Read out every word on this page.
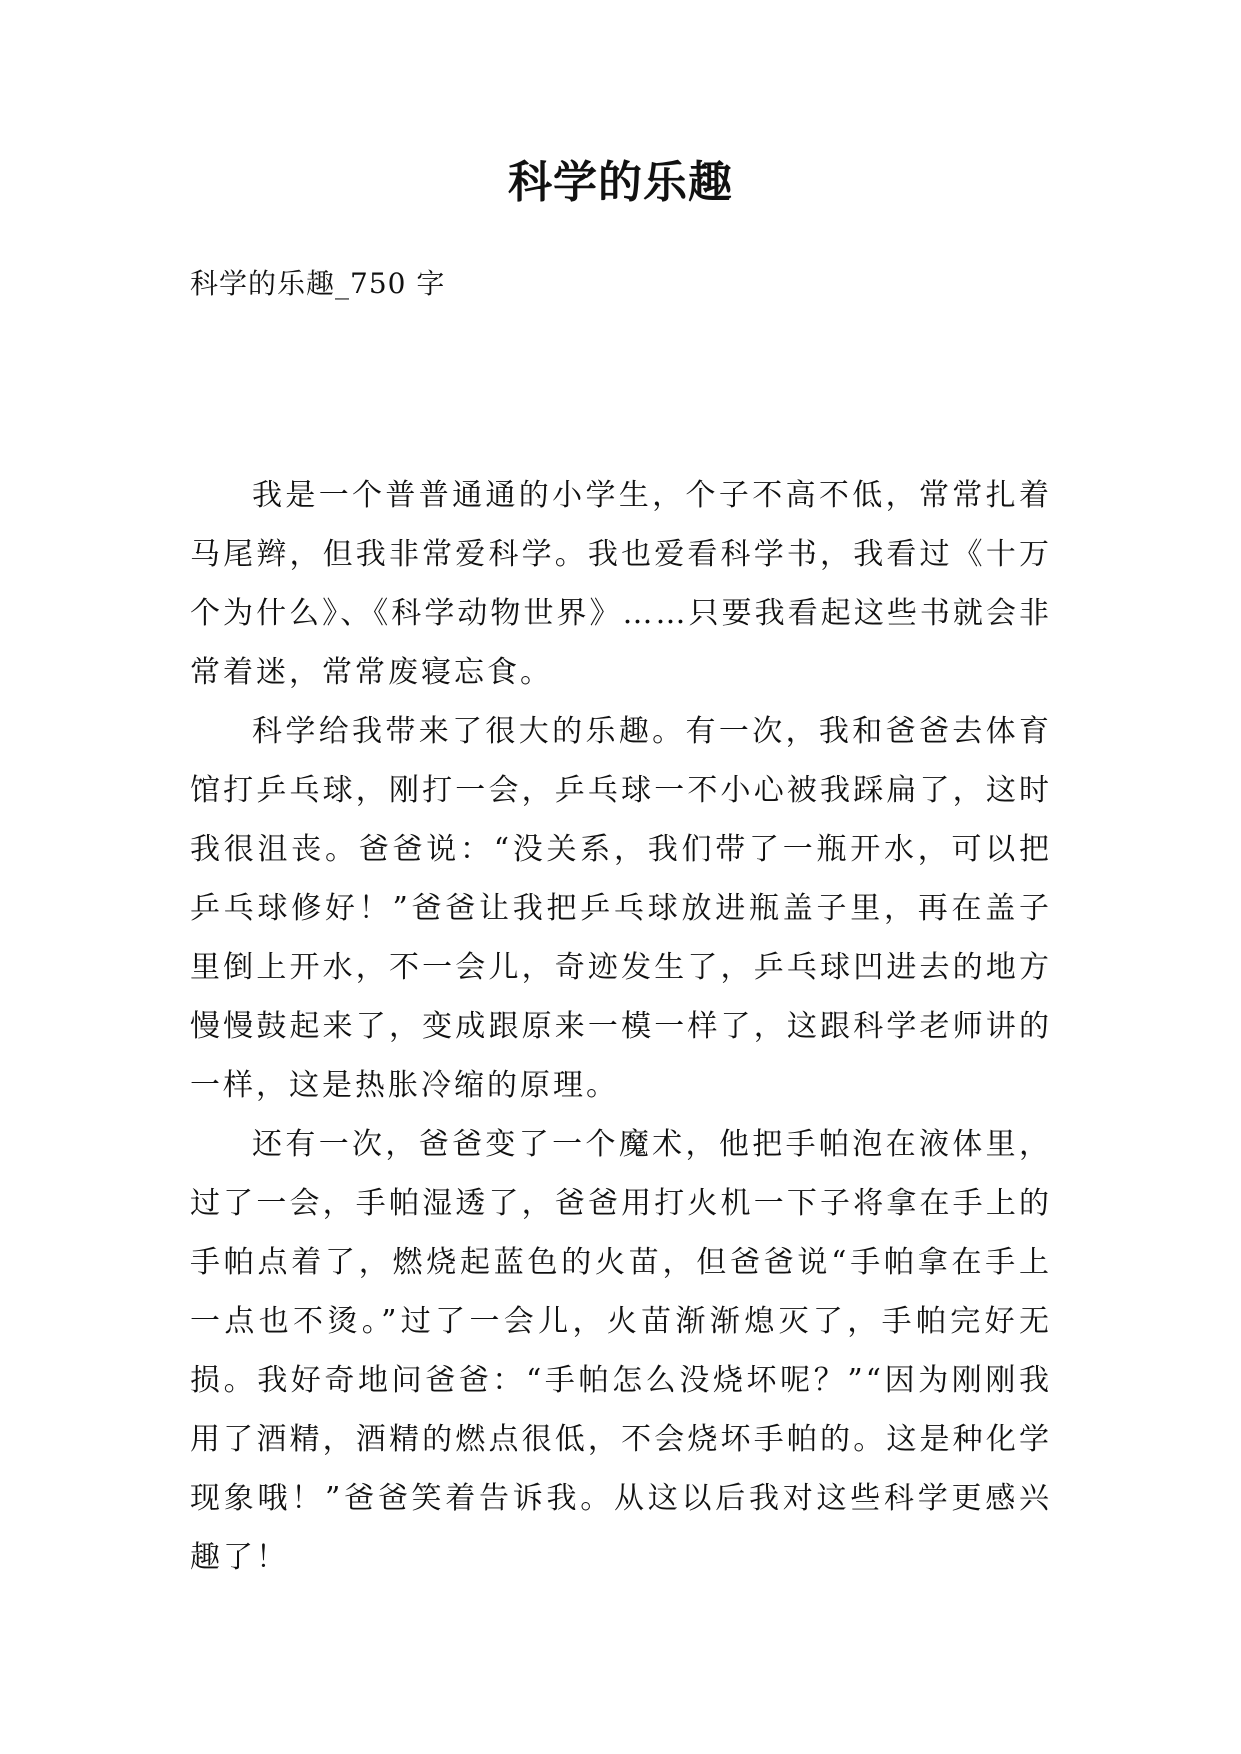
科学的乐趣

科学的乐趣_750 字

我是一个普普通通的小学生，个子不高不低，常常扎着马尾辫，但我非常爱科学。我也爱看科学书，我看过《十万个为什么》、《科学动物世界》……只要我看起这些书就会非常着迷，常常废寝忘食。

科学给我带来了很大的乐趣。有一次，我和爸爸去体育馆打乒乓球，刚打一会，乒乓球一不小心被我踩扁了，这时我很沮丧。爸爸说：“没关系，我们带了一瓶开水，可以把乒乓球修好！”爸爸让我把乒乓球放进瓶盖子里，再在盖子里倒上开水，不一会儿，奇迹发生了，乒乓球凹进去的地方慢慢鼓起来了，变成跟原来一模一样了，这跟科学老师讲的一样，这是热胀冷缩的原理。

还有一次，爸爸变了一个魔术，他把手帕泡在液体里，过了一会，手帕湿透了，爸爸用打火机一下子将拿在手上的手帕点着了，燃烧起蓝色的火苗，但爸爸说“手帕拿在手上一点也不烫。”过了一会儿，火苗渐渐熄灭了，手帕完好无损。我好奇地问爸爸：“手帕怎么没烧坏呢？”“因为刚刚我用了酒精，酒精的燃点很低，不会烧坏手帕的。这是种化学现象哦！”爸爸笑着告诉我。从这以后我对这些科学更感兴趣了！
